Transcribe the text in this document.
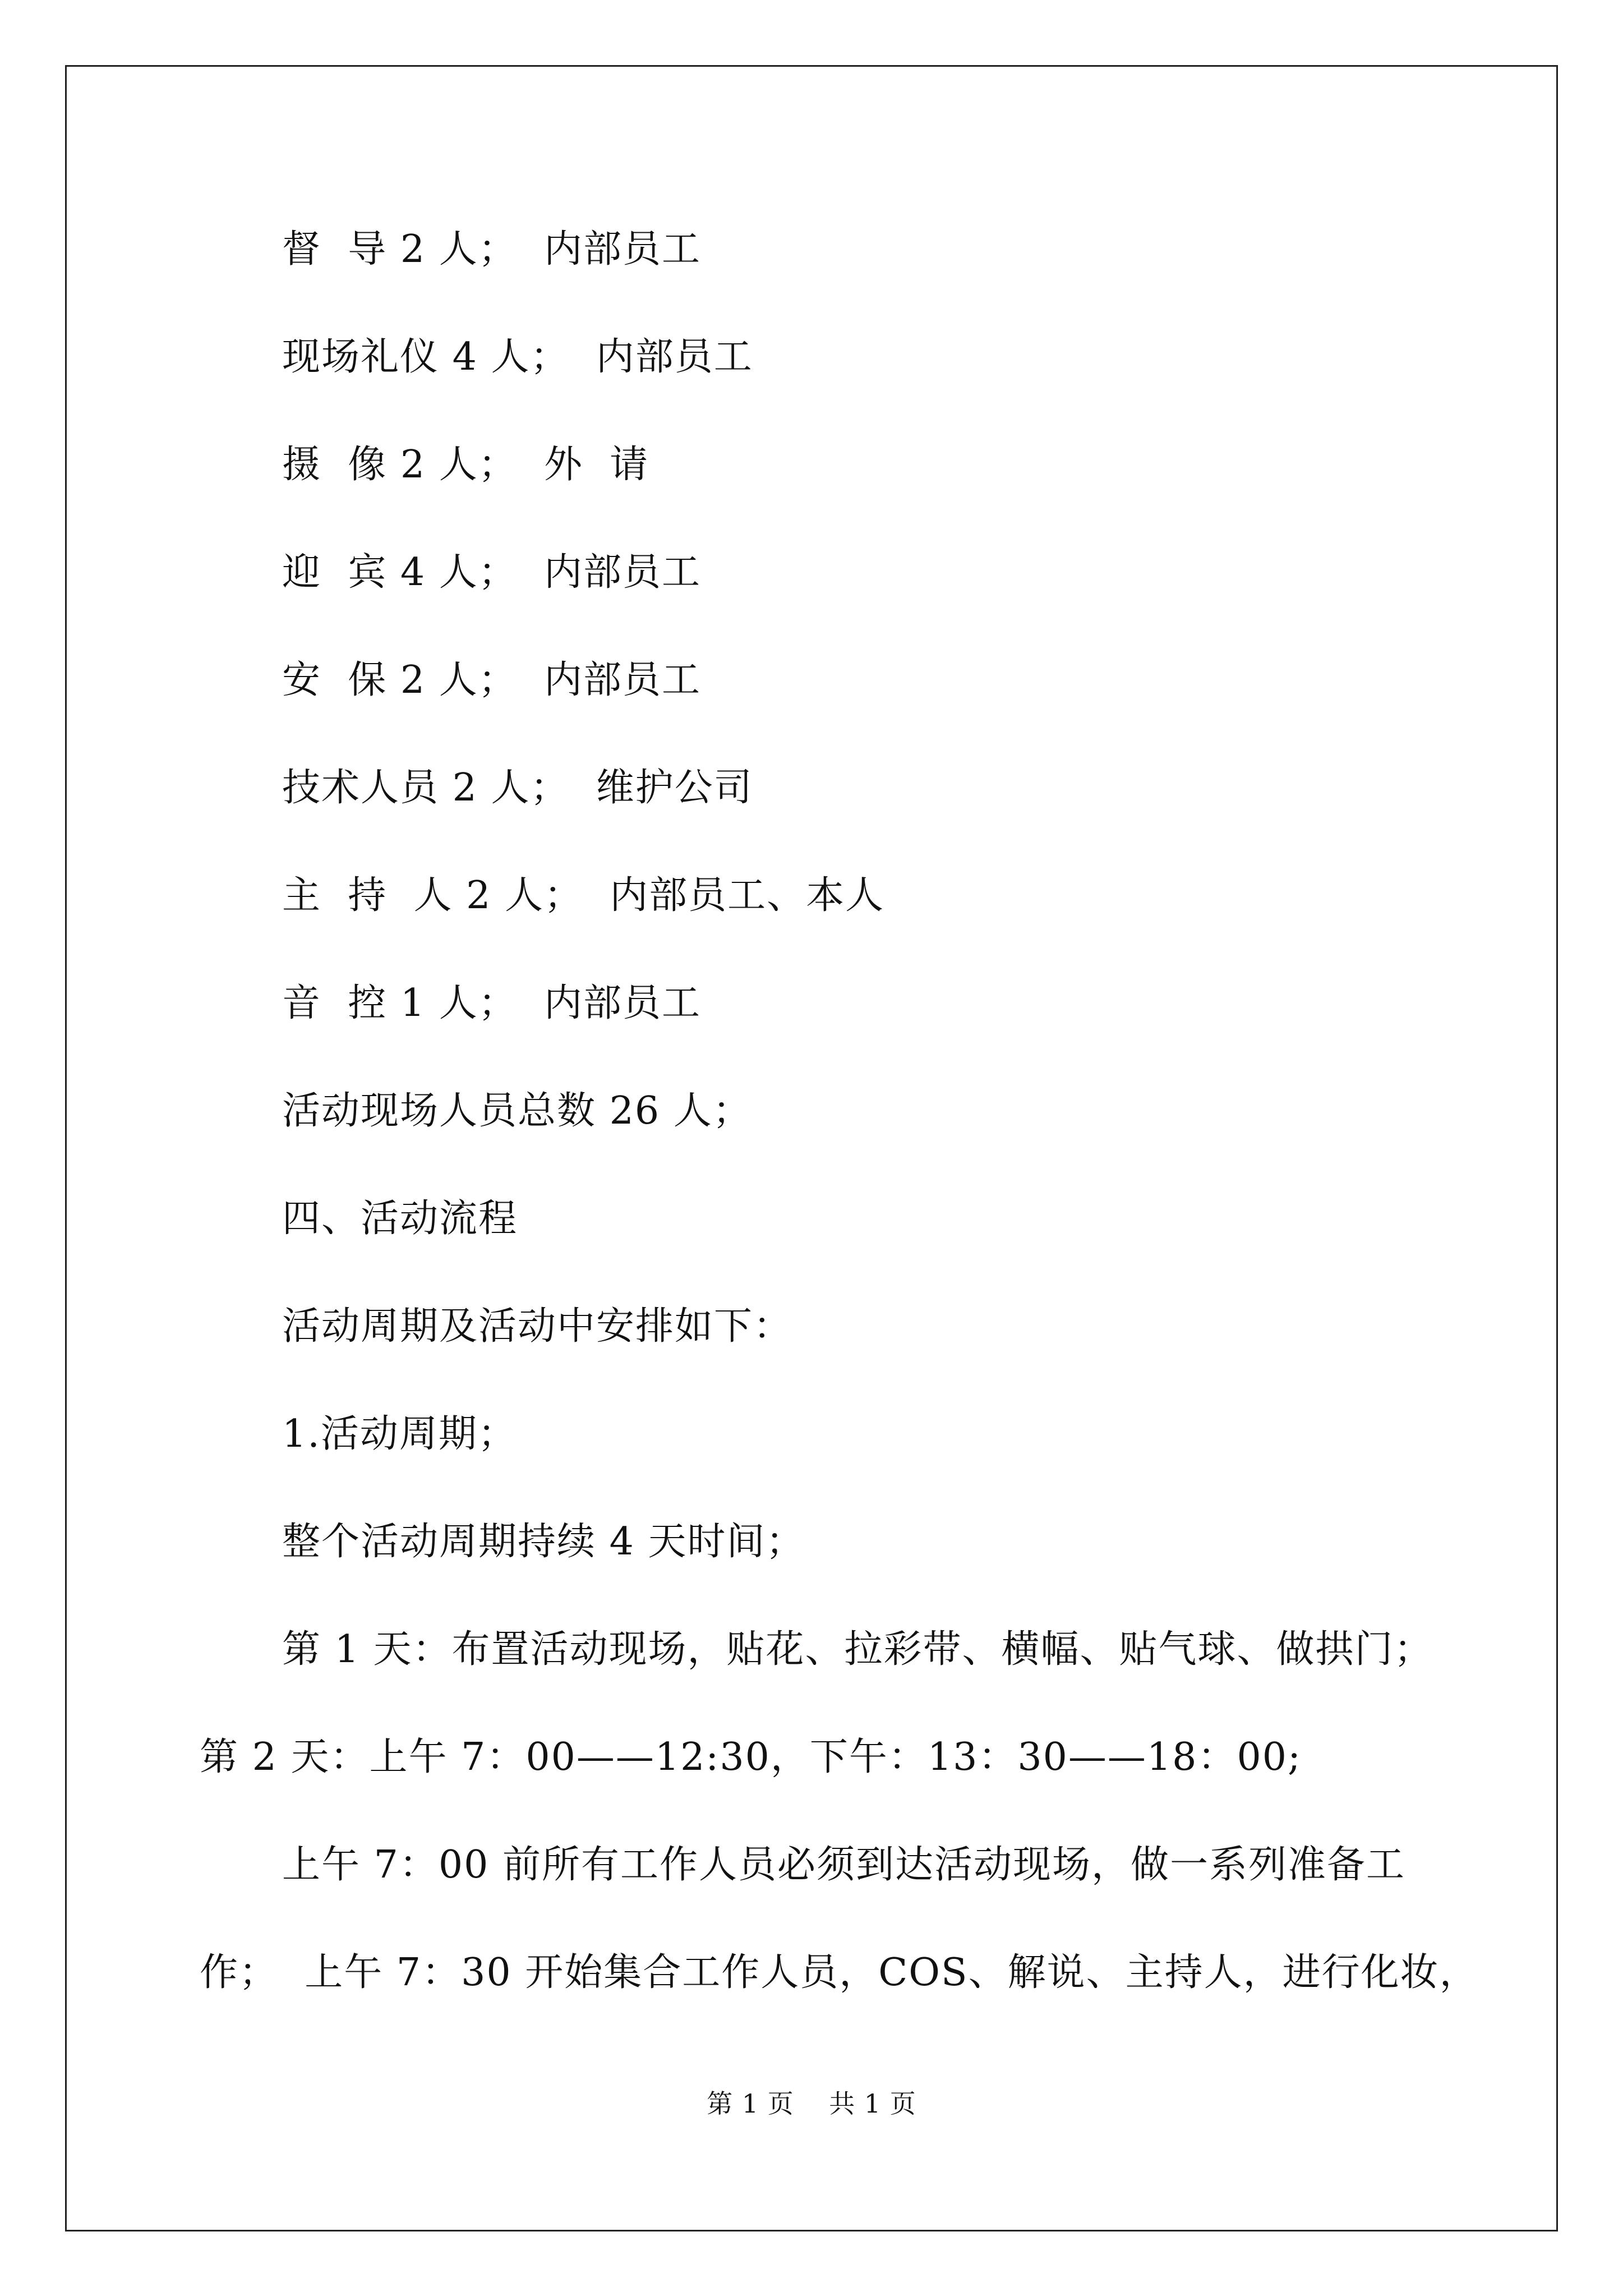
督  导 2 人；  内部员工
现场礼仪 4 人；  内部员工
摄  像 2 人；  外  请
迎  宾 4 人；  内部员工
安  保 2 人；  内部员工
技术人员 2 人；  维护公司
主  持  人 2 人；  内部员工、本人
音  控 1 人；  内部员工
活动现场人员总数 26 人；
四、活动流程
活动周期及活动中安排如下：
1.活动周期；
整个活动周期持续 4 天时间；
第 1 天：布置活动现场，贴花、拉彩带、横幅、贴气球、做拱门；
第 2 天：上午 7：00——12:30，下午：13：30——18：00;
上午 7：00 前所有工作人员必须到达活动现场，做一系列准备工
作；  上午 7：30 开始集合工作人员，COS、解说、主持人，进行化妆，
第 1 页    共 1 页
